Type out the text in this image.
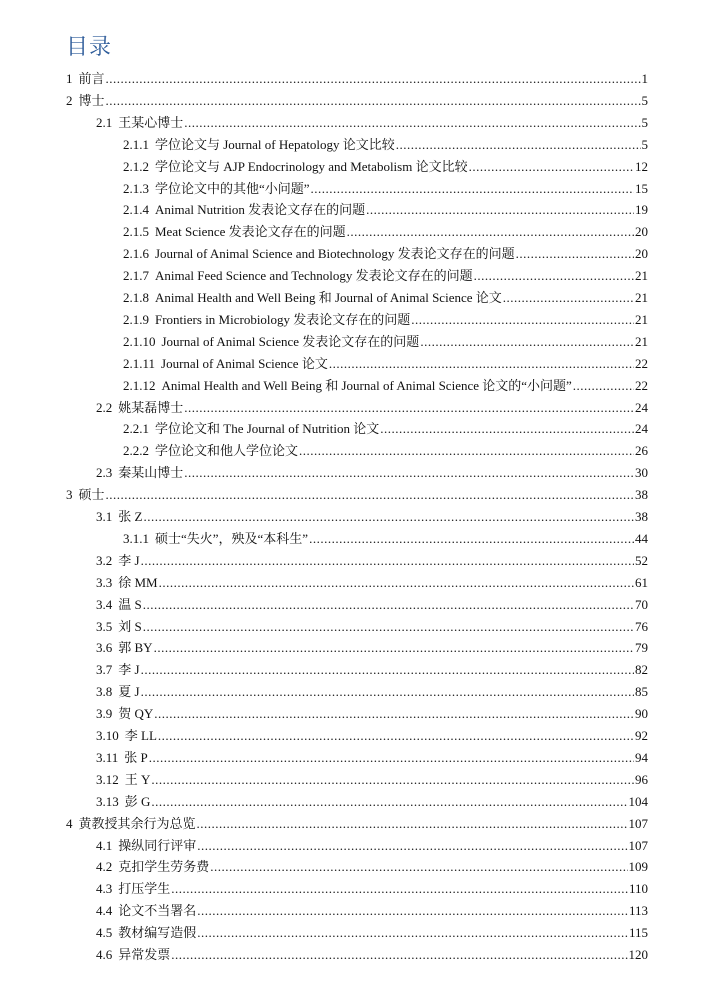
目录
1 前言 .....	1
2 博士 .....	5
2.1 王某心博士 .....	5
2.1.1 学位论文与 Journal of Hepatology 论文比较 .....	5
2.1.2 学位论文与 AJP Endocrinology and Metabolism 论文比较 .....	12
2.1.3 学位论文中的其他“小问题” .....	15
2.1.4 Animal Nutrition 发表论文存在的问题 .....	19
2.1.5 Meat Science 发表论文存在的问题 .....	20
2.1.6 Journal of Animal Science and Biotechnology 发表论文存在的问题 .....	20
2.1.7 Animal Feed Science and Technology 发表论文存在的问题 .....	21
2.1.8 Animal Health and Well Being 和 Journal of Animal Science 论文 .....	21
2.1.9 Frontiers in Microbiology 发表论文存在的问题 .....	21
2.1.10 Journal of Animal Science 发表论文存在的问题 .....	21
2.1.11 Journal of Animal Science 论文 .....	22
2.1.12 Animal Health and Well Being 和 Journal of Animal Science 论文的“小问题” .....	22
2.2 姚某磊博士 .....	24
2.2.1 学位论文和 The Journal of Nutrition 论文 .....	24
2.2.2 学位论文和他人学位论文 .....	26
2.3 秦某山博士 .....	30
3 硕士 .....	38
3.1 张 Z .....	38
3.1.1 硕士“失火”，殃及“本科生” .....	44
3.2 李 J .....	52
3.3 徐 MM .....	61
3.4 温 S .....	70
3.5 刘 S .....	76
3.6 郭 BY .....	79
3.7 李 J .....	82
3.8 夏 J .....	85
3.9 贺 QY .....	90
3.10 李 LL .....	92
3.11 张 P .....	94
3.12 王 Y .....	96
3.13 彭 G .....	104
4 黄教授其余行为总览 .....	107
4.1 操纵同行评审 .....	107
4.2 克扣学生劳务费 .....	109
4.3 打压学生 .....	110
4.4 论文不当署名 .....	113
4.5 教材编写造假 .....	115
4.6 异常发票 .....	120
